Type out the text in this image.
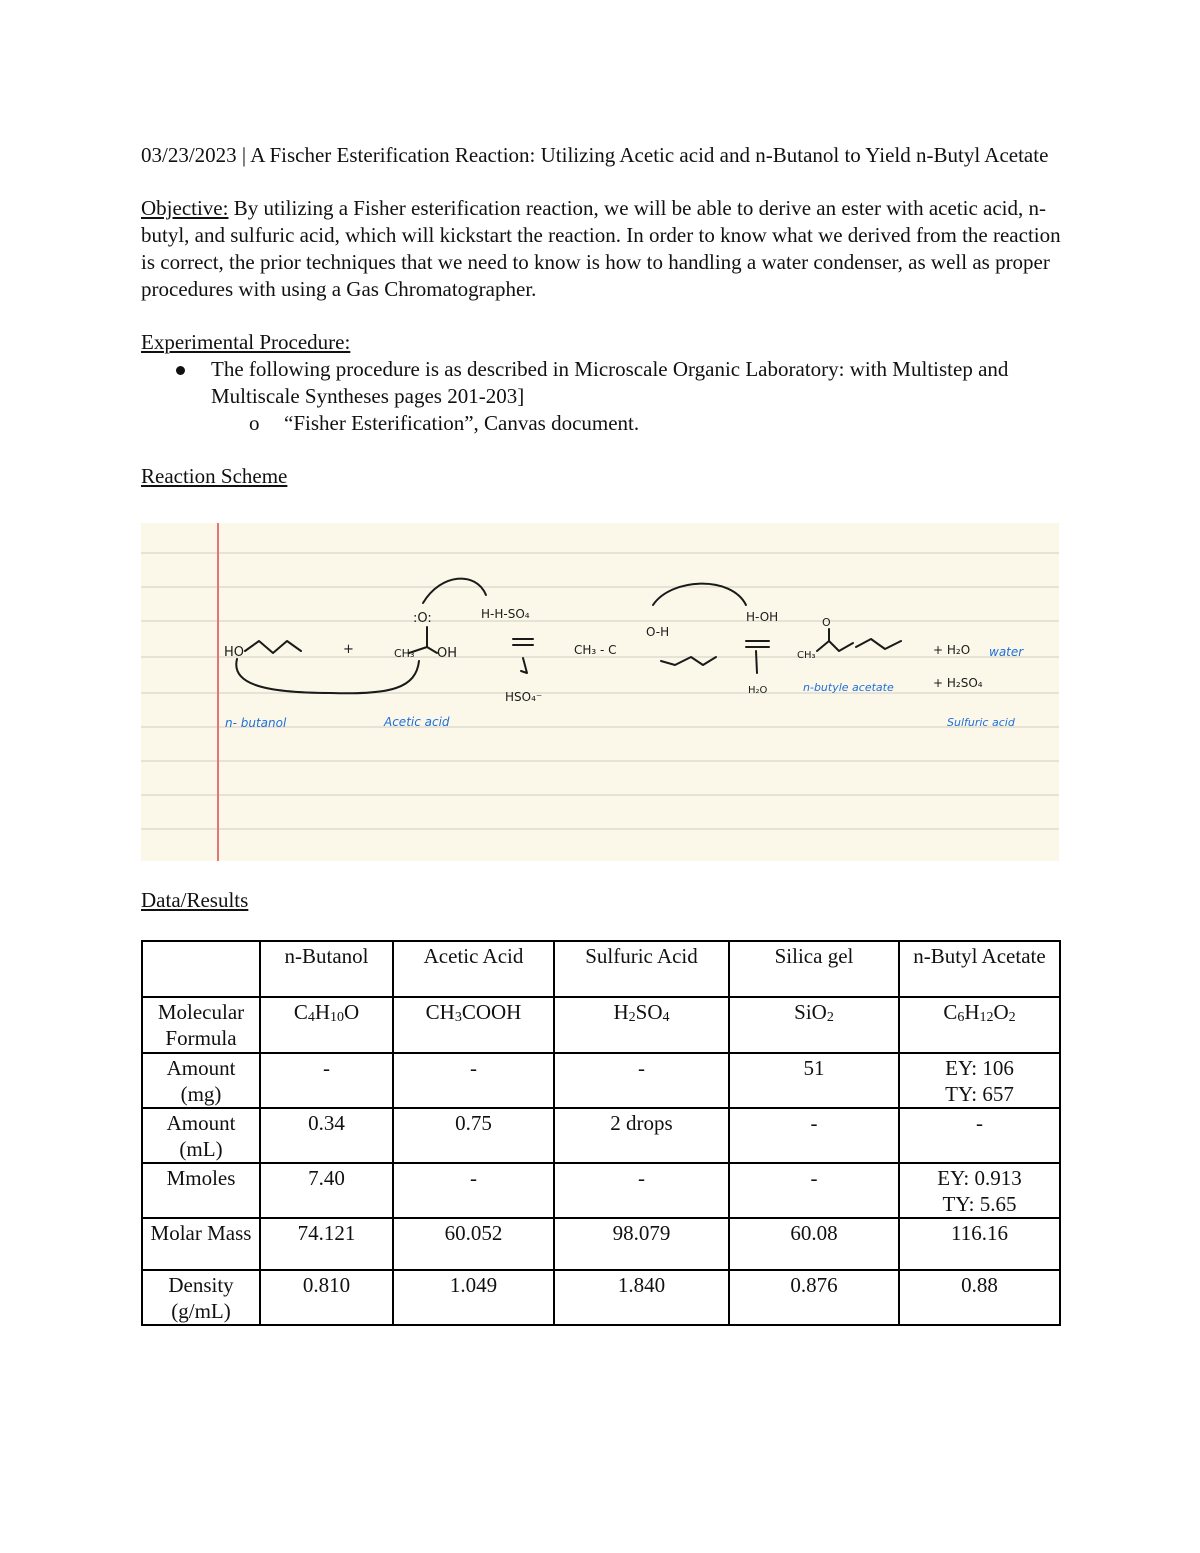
03/23/2023 | A Fischer Esterification Reaction: Utilizing Acetic acid and n-Butanol to Yield n-Butyl Acetate

Objective: By utilizing a Fisher esterification reaction, we will be able to derive an ester with acetic acid, n-butyl, and sulfuric acid, which will kickstart the reaction. In order to know what we derived from the reaction is correct, the prior techniques that we need to know is how to handling a water condenser, as well as proper procedures with using a Gas Chromatographer.

Experimental Procedure:
The following procedure is as described in Microscale Organic Laboratory: with Multistep and Multiscale Syntheses pages 201-203]
o “Fisher Esterification”, Canvas document.

Reaction Scheme

HO	+
:O:
CH₃ OH
H-H-SO₄
HSO₄⁻
CH₃ - C
O-H
H-OH
H₂O
CH₃
O
+ H₂O
+ H₂SO₄
n- butanol	Acetic acid
n-butyle acetate
water
Sulfuric acid
Data/Results
	n-Butanol	Acetic Acid	Sulfuric Acid	Silica gel	n-Butyl Acetate
Molecular Formula	$C_4H_{10}O$	$CH_3COOH$	$H_2SO_4$	SiO$_2$	$C_6H_{12}O_2$
Amount (mg)	-	-	-	51	EY: 106
TY: 657
Amount (mL)	0.34	0.75	2 drops	-	-
Mmoles	7.40	-	-	-	EY: 0.913
TY: 5.65
Molar Mass	74.121	60.052	98.079	60.08	116.16
Density (g/mL)	0.810	1.049	1.840	0.876	0.88
